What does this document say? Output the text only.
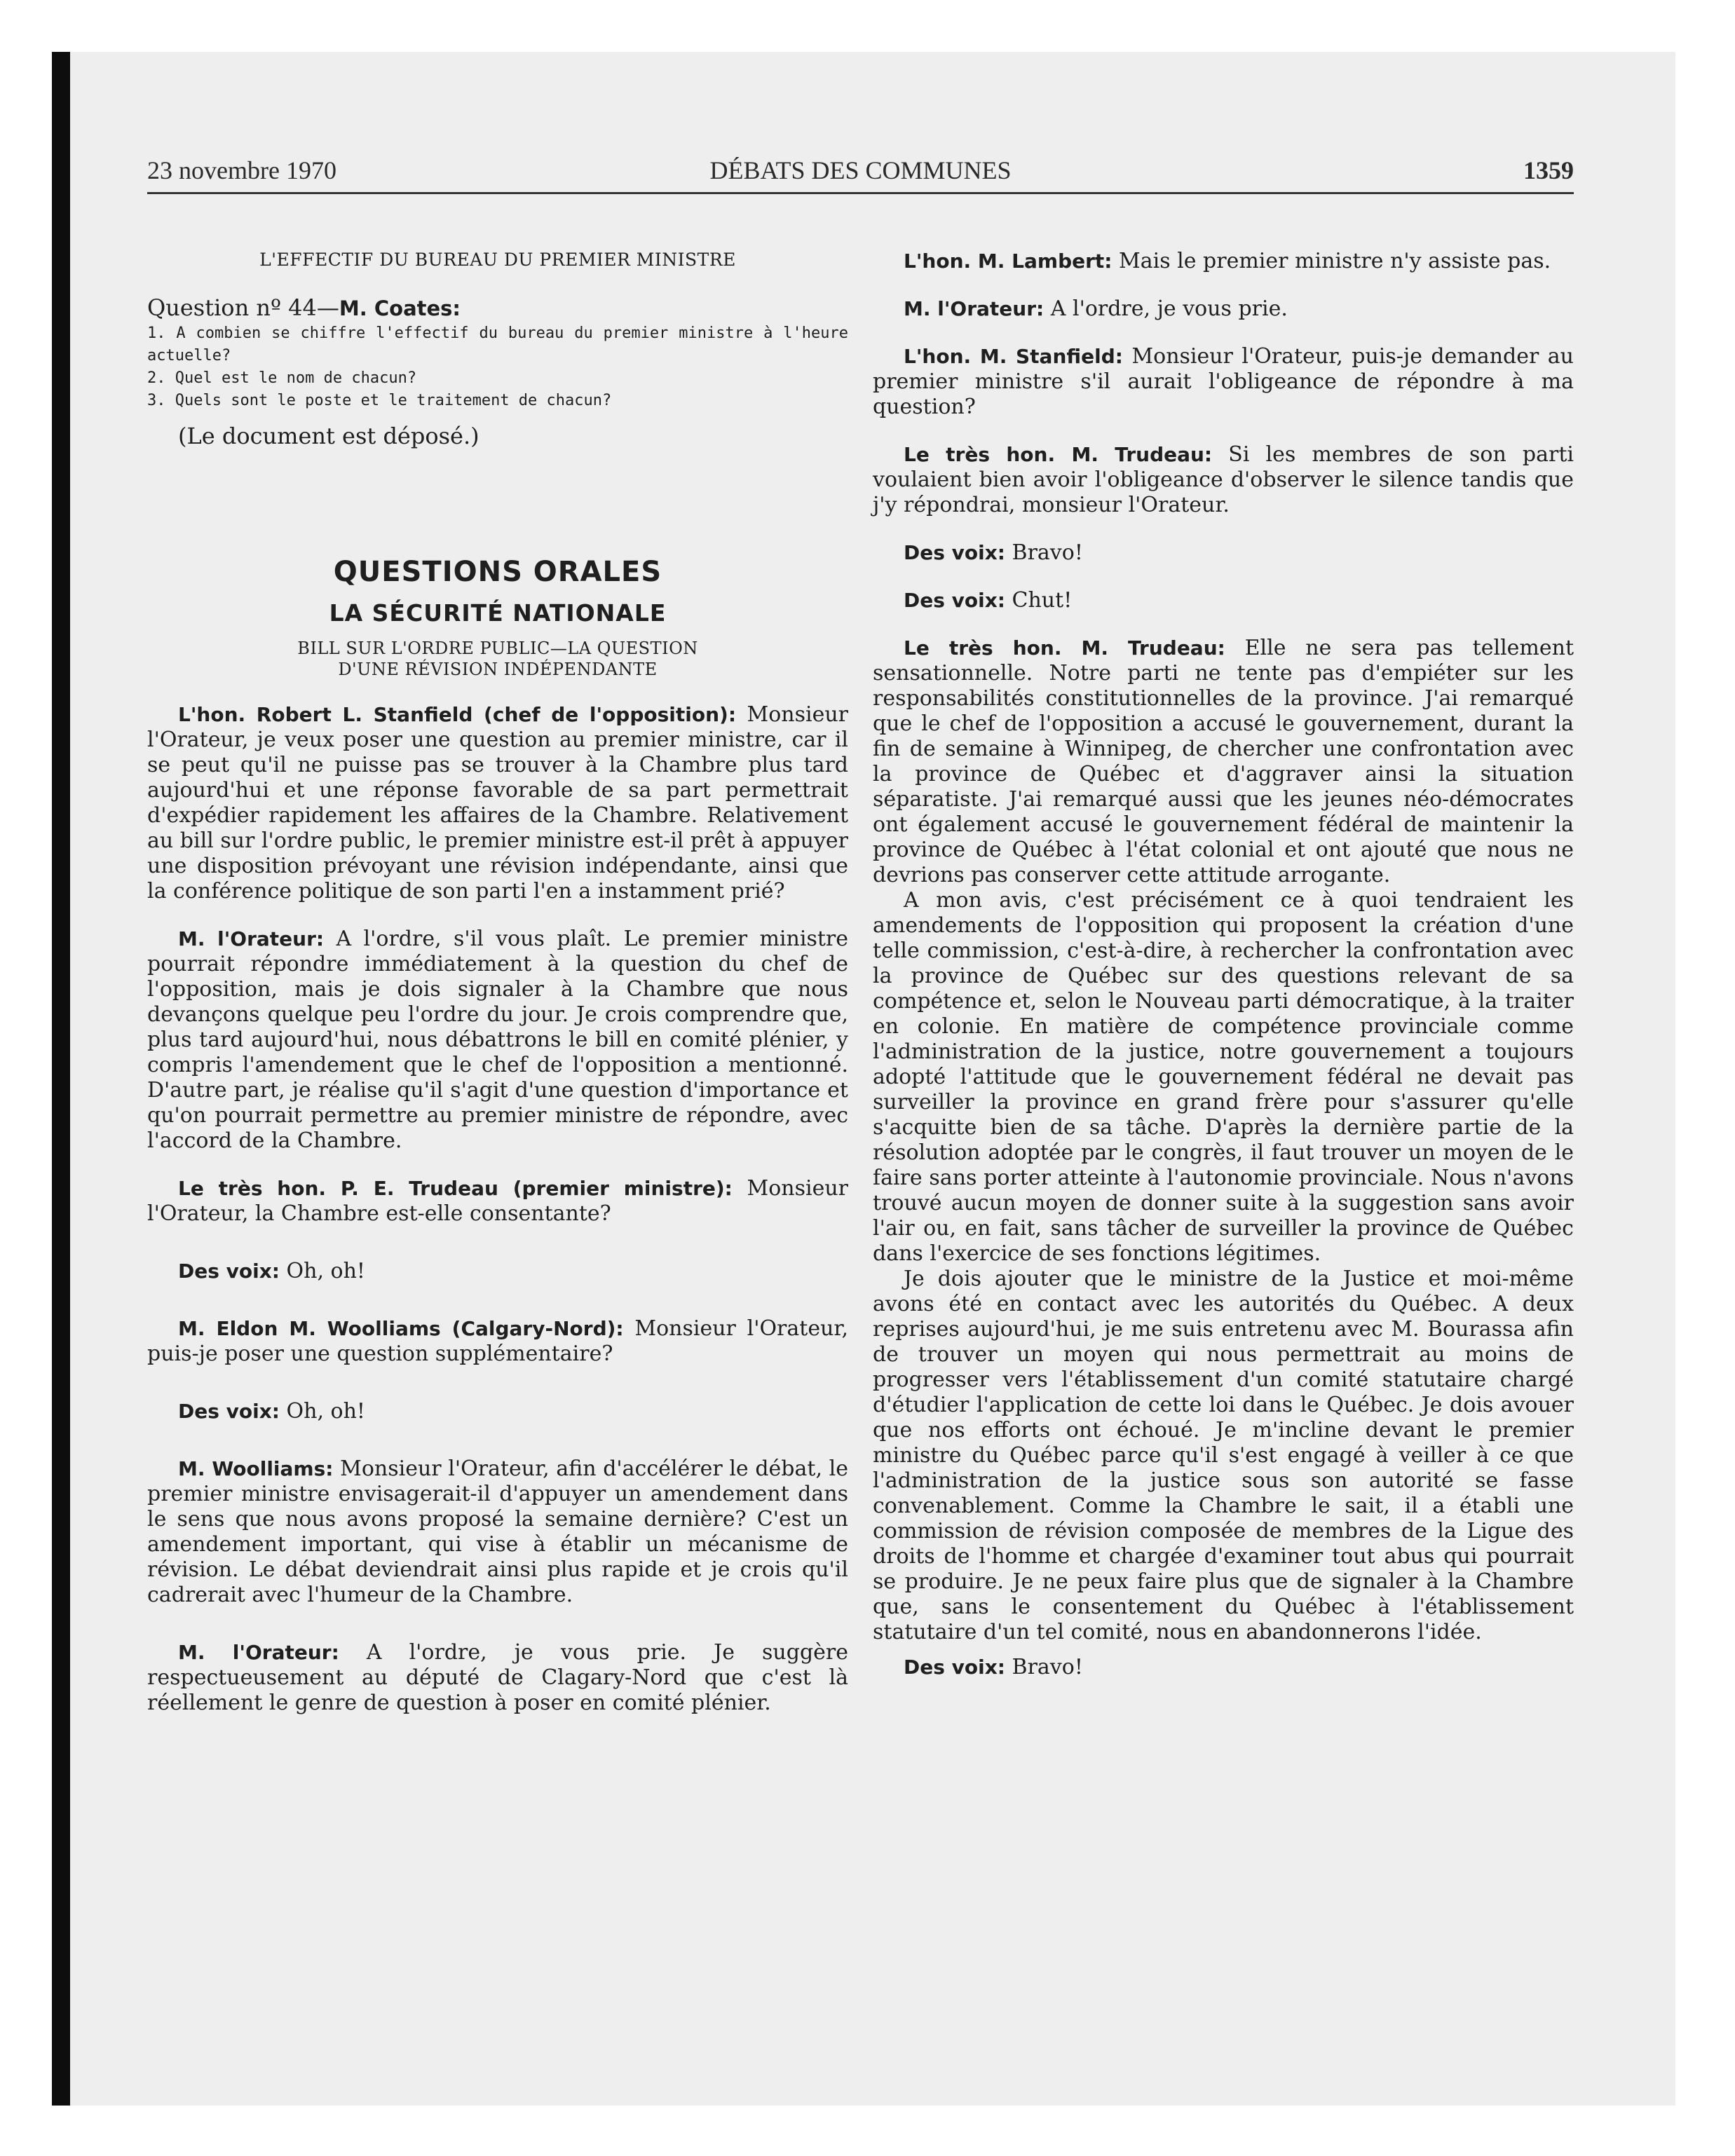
23 novembre 1970	DÉBATS DES COMMUNES	1359
L'EFFECTIF DU BUREAU DU PREMIER MINISTRE
Question nº 44—M. Coates:
1. A combien se chiffre l'effectif du bureau du premier ministre à l'heure actuelle?
2. Quel est le nom de chacun?
3. Quels sont le poste et le traitement de chacun?
(Le document est déposé.)
QUESTIONS ORALES
LA SÉCURITÉ NATIONALE
BILL SUR L'ORDRE PUBLIC—LA QUESTION
D'UNE RÉVISION INDÉPENDANTE

L'hon. Robert L. Stanfield (chef de l'opposition): Monsieur l'Orateur, je veux poser une question au premier ministre, car il se peut qu'il ne puisse pas se trouver à la Chambre plus tard aujourd'hui et une réponse favorable de sa part permettrait d'expédier rapidement les affaires de la Chambre. Relativement au bill sur l'ordre public, le premier ministre est-il prêt à appuyer une disposition prévoyant une révision indépendante, ainsi que la conférence politique de son parti l'en a instamment prié?

M. l'Orateur: A l'ordre, s'il vous plaît. Le premier ministre pourrait répondre immédiatement à la question du chef de l'opposition, mais je dois signaler à la Chambre que nous devançons quelque peu l'ordre du jour. Je crois comprendre que, plus tard aujourd'hui, nous débattrons le bill en comité plénier, y compris l'amendement que le chef de l'opposition a mentionné. D'autre part, je réalise qu'il s'agit d'une question d'importance et qu'on pourrait permettre au premier ministre de répondre, avec l'accord de la Chambre.

Le très hon. P. E. Trudeau (premier ministre): Monsieur l'Orateur, la Chambre est-elle consentante?

Des voix: Oh, oh!

M. Eldon M. Woolliams (Calgary-Nord): Monsieur l'Orateur, puis-je poser une question supplémentaire?

Des voix: Oh, oh!

M. Woolliams: Monsieur l'Orateur, afin d'accélérer le débat, le premier ministre envisagerait-il d'appuyer un amendement dans le sens que nous avons proposé la semaine dernière? C'est un amendement important, qui vise à établir un mécanisme de révision. Le débat deviendrait ainsi plus rapide et je crois qu'il cadrerait avec l'humeur de la Chambre.

M. l'Orateur: A l'ordre, je vous prie. Je suggère respectueusement au député de Clagary-Nord que c'est là réellement le genre de question à poser en comité plénier.

L'hon. M. Lambert: Mais le premier ministre n'y assiste pas.

M. l'Orateur: A l'ordre, je vous prie.

L'hon. M. Stanfield: Monsieur l'Orateur, puis-je demander au premier ministre s'il aurait l'obligeance de répondre à ma question?

Le très hon. M. Trudeau: Si les membres de son parti voulaient bien avoir l'obligeance d'observer le silence tandis que j'y répondrai, monsieur l'Orateur.

Des voix: Bravo!

Des voix: Chut!

Le très hon. M. Trudeau: Elle ne sera pas tellement sensationnelle. Notre parti ne tente pas d'empiéter sur les responsabilités constitutionnelles de la province. J'ai remarqué que le chef de l'opposition a accusé le gouvernement, durant la fin de semaine à Winnipeg, de chercher une confrontation avec la province de Québec et d'aggraver ainsi la situation séparatiste. J'ai remarqué aussi que les jeunes néo-démocrates ont également accusé le gouvernement fédéral de maintenir la province de Québec à l'état colonial et ont ajouté que nous ne devrions pas conserver cette attitude arrogante.

A mon avis, c'est précisément ce à quoi tendraient les amendements de l'opposition qui proposent la création d'une telle commission, c'est-à-dire, à rechercher la confrontation avec la province de Québec sur des questions relevant de sa compétence et, selon le Nouveau parti démocratique, à la traiter en colonie. En matière de compétence provinciale comme l'administration de la justice, notre gouvernement a toujours adopté l'attitude que le gouvernement fédéral ne devait pas surveiller la province en grand frère pour s'assurer qu'elle s'acquitte bien de sa tâche. D'après la dernière partie de la résolution adoptée par le congrès, il faut trouver un moyen de le faire sans porter atteinte à l'autonomie provinciale. Nous n'avons trouvé aucun moyen de donner suite à la suggestion sans avoir l'air ou, en fait, sans tâcher de surveiller la province de Québec dans l'exercice de ses fonctions légitimes.

Je dois ajouter que le ministre de la Justice et moi-même avons été en contact avec les autorités du Québec. A deux reprises aujourd'hui, je me suis entretenu avec M. Bourassa afin de trouver un moyen qui nous permettrait au moins de progresser vers l'établissement d'un comité statutaire chargé d'étudier l'application de cette loi dans le Québec. Je dois avouer que nos efforts ont échoué. Je m'incline devant le premier ministre du Québec parce qu'il s'est engagé à veiller à ce que l'administration de la justice sous son autorité se fasse convenablement. Comme la Chambre le sait, il a établi une commission de révision composée de membres de la Ligue des droits de l'homme et chargée d'examiner tout abus qui pourrait se produire. Je ne peux faire plus que de signaler à la Chambre que, sans le consentement du Québec à l'établissement statutaire d'un tel comité, nous en abandonnerons l'idée.

Des voix: Bravo!
